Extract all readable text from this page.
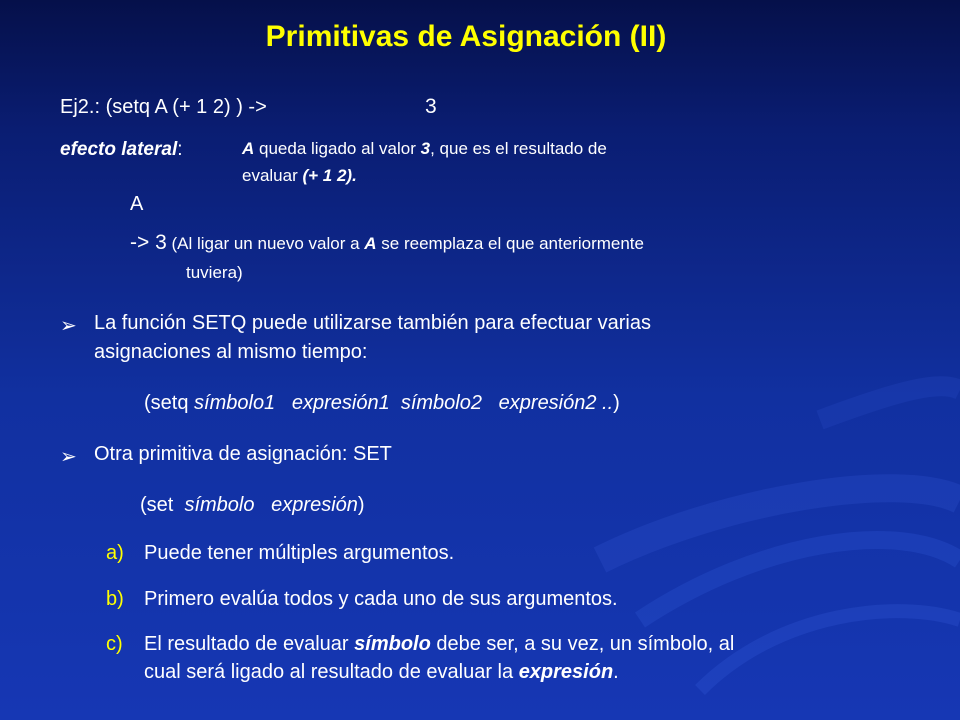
Primitivas de Asignación (II)
Ej2.: (setq A (+ 1 2) ) ->	3
efecto lateral:	A queda ligado al valor 3, que es el resultado de
evaluar (+ 1 2).
A
-> 3 (Al ligar un nuevo valor a A se reemplaza el que anteriormente
tuviera)
➢ La función SETQ puede utilizarse también para efectuar varias
asignaciones al mismo tiempo:
(setq símbolo1 expresión1 símbolo2 expresión2 ..)
➢ Otra primitiva de asignación: SET
(set  símbolo expresión)
a) Puede tener múltiples argumentos.
b) Primero evalúa todos y cada uno de sus argumentos.
c) El resultado de evaluar símbolo debe ser, a su vez, un símbolo, al
cual será ligado al resultado de evaluar la expresión.
